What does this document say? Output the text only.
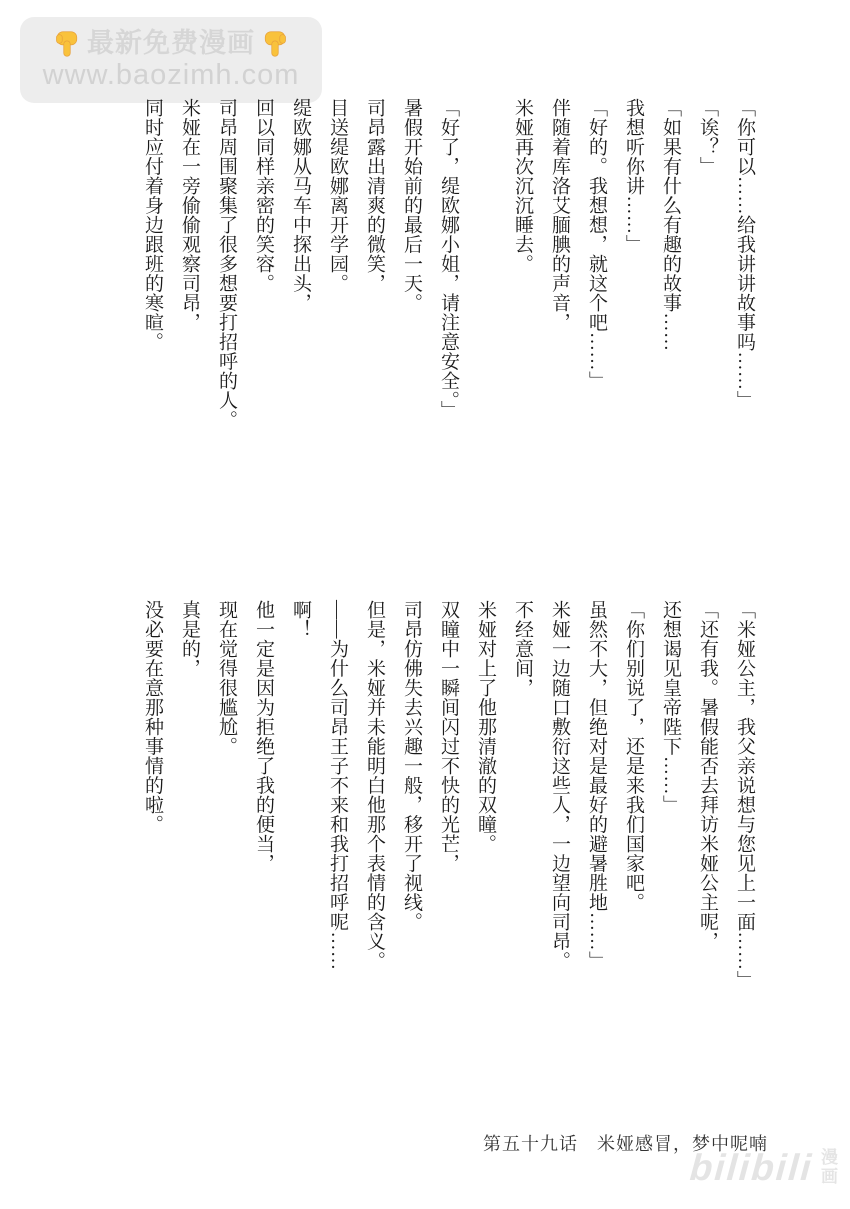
最新免费漫画
www.baozimh.com

「你可以……给我讲讲故事吗……」

「诶？」

「如果有什么有趣的故事……

我想听你讲……」

「好的。我想想，就这个吧……」

伴随着库洛艾腼腆的声音，

米娅再次沉沉睡去。

「好了，缇欧娜小姐，请注意安全。」

暑假开始前的最后一天。

司昂露出清爽的微笑，

目送缇欧娜离开学园。

缇欧娜从马车中探出头，

回以同样亲密的笑容。

司昂周围聚集了很多想要打招呼的人。

米娅在一旁偷偷观察司昂，

同时应付着身边跟班的寒暄。

「米娅公主，我父亲说想与您见上一面……」

「还有我。暑假能否去拜访米娅公主呢，

还想谒见皇帝陛下……」

「你们别说了，还是来我们国家吧。

虽然不大，但绝对是最好的避暑胜地……」

米娅一边随口敷衍这些人，一边望向司昂。

不经意间，

米娅对上了他那清澈的双瞳。

双瞳中一瞬间闪过不快的光芒，

司昂仿佛失去兴趣一般，移开了视线。

但是，米娅并未能明白他那个表情的含义。

——为什么司昂王子不来和我打招呼呢……

啊！

他一定是因为拒绝了我的便当，

现在觉得很尴尬。

真是的，

没必要在意那种事情的啦。

第五十九话　米娅感冒，梦中呢喃
bilibili 漫画
